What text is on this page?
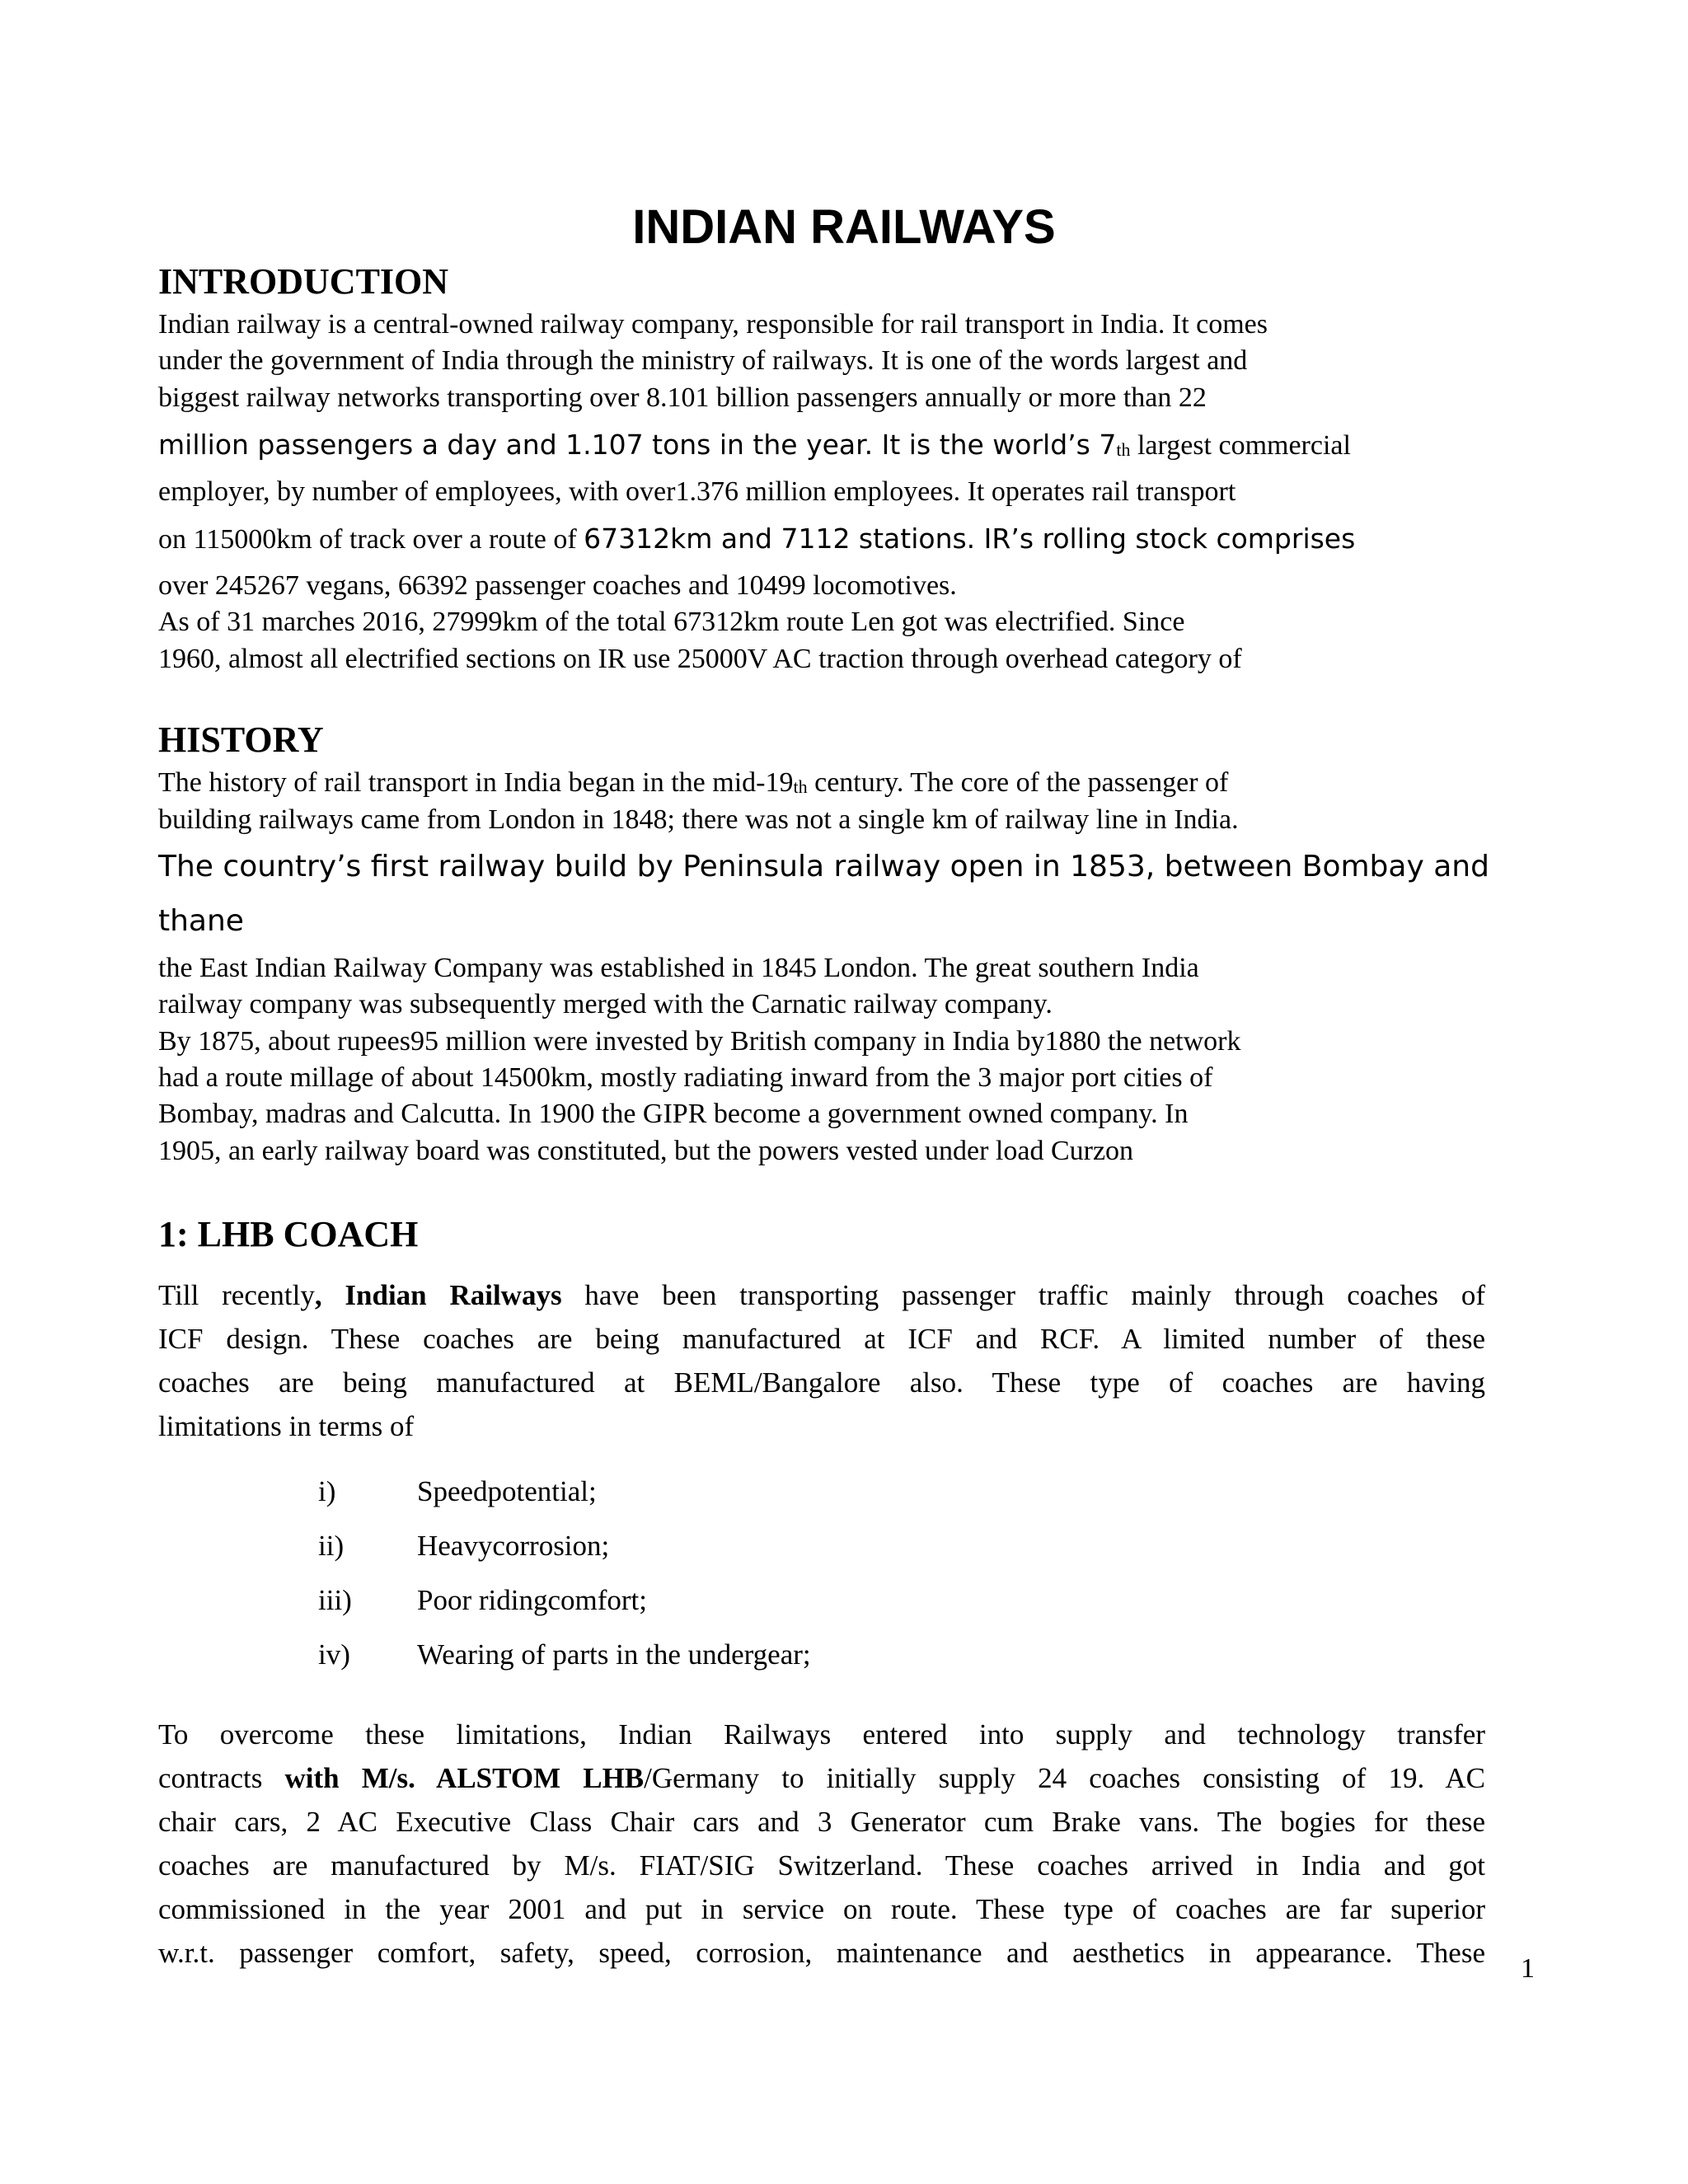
INDIAN RAILWAYS
INTRODUCTION
Indian railway is a central-owned railway company, responsible for rail transport in India. It comes
under the government of India through the ministry of railways. It is one of the words largest and
biggest railway networks transporting over 8.101 billion passengers annually or more than 22
million passengers a day and 1.107 tons in the year. It is the world’s 7th largest commercial
employer, by number of employees, with over1.376 million employees. It operates rail transport
on 115000km of track over a route of 67312km and 7112 stations. IR’s rolling stock comprises
over 245267 vegans, 66392 passenger coaches and 10499 locomotives.
As of 31 marches 2016, 27999km of the total 67312km route Len got was electrified. Since
1960, almost all electrified sections on IR use 25000V AC traction through overhead category of
HISTORY
The history of rail transport in India began in the mid-19th century. The core of the passenger of
building railways came from London in 1848; there was not a single km of railway line in India.
The country’s first railway build by Peninsula railway open in 1853, between Bombay and
thane
the East Indian Railway Company was established in 1845 London. The great southern India
railway company was subsequently merged with the Carnatic railway company.
By 1875, about rupees95 million were invested by British company in India by1880 the network
had a route millage of about 14500km, mostly radiating inward from the 3 major port cities of
Bombay, madras and Calcutta. In 1900 the GIPR become a government owned company. In
1905, an early railway board was constituted, but the powers vested under load Curzon
1: LHB COACH
Till recently, Indian Railways have been transporting passenger traffic mainly through coaches of
ICF design. These coaches are being manufactured at ICF and RCF. A limited number of these
coaches are being manufactured at BEML/Bangalore also. These type of coaches are having
limitations in terms of
i)	Speedpotential;
ii)	Heavycorrosion;
iii) Poor ridingcomfort;
iv) Wearing of parts in the undergear;
To overcome these limitations, Indian Railways entered into supply and technology transfer
contracts with M/s. ALSTOM LHB/Germany to initially supply 24 coaches consisting of 19. AC
chair cars, 2 AC Executive Class Chair cars and 3 Generator cum Brake vans. The bogies for these
coaches are manufactured by M/s. FIAT/SIG Switzerland. These coaches arrived in India and got
commissioned in the year 2001 and put in service on route. These type of coaches are far superior
w.r.t. passenger comfort, safety, speed, corrosion, maintenance and aesthetics in appearance. These 1
